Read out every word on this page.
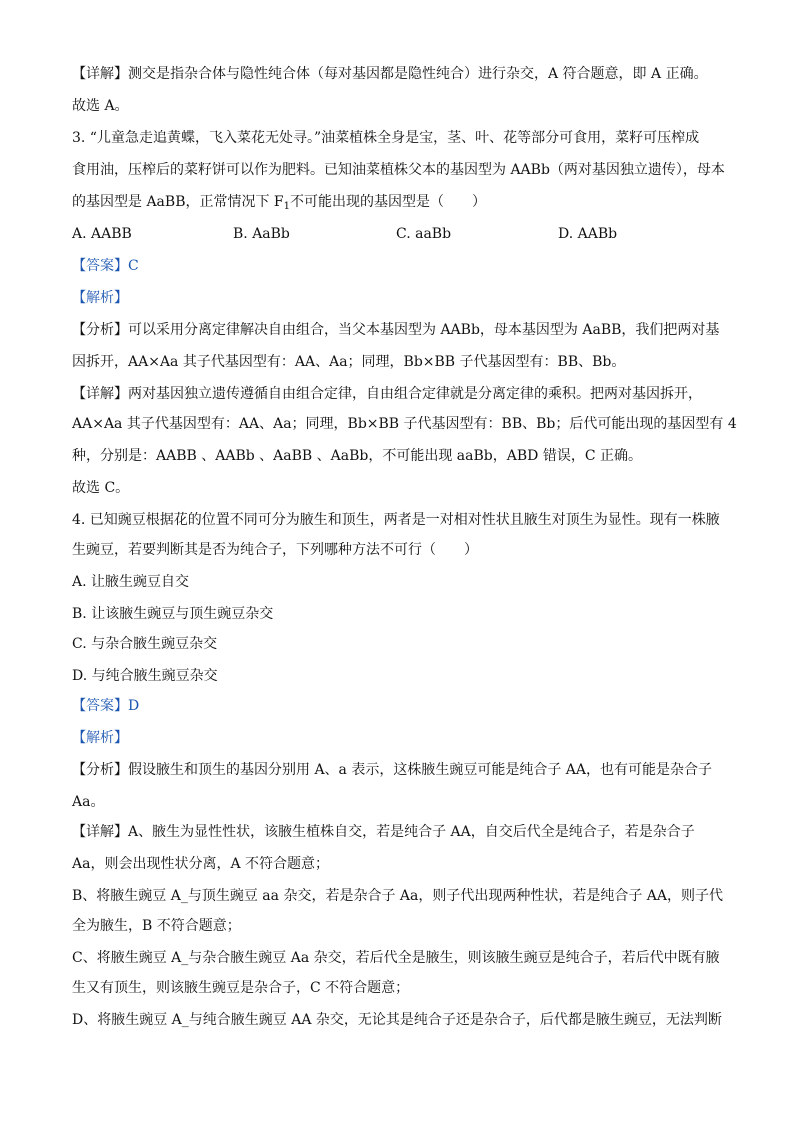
【详解】测交是指杂合体与隐性纯合体（每对基因都是隐性纯合）进行杂交，A 符合题意，即 A 正确。
故选 A。
3. “儿童急走追黄蝶，飞入菜花无处寻。”油菜植株全身是宝，茎、叶、花等部分可食用，菜籽可压榨成
食用油，压榨后的菜籽饼可以作为肥料。已知油菜植株父本的基因型为 AABb（两对基因独立遗传），母本
的基因型是 AaBB，正常情况下 $F_1$不可能出现的基因型是（　　）
A. AABB	B. AaBb	C. aaBb	D. AABb
【答案】C
【解析】
【分析】可以采用分离定律解决自由组合，当父本基因型为 AABb，母本基因型为 AaBB，我们把两对基
因拆开，AA×Aa 其子代基因型有：AA、Aa；同理，Bb×BB 子代基因型有：BB、Bb。
【详解】两对基因独立遗传遵循自由组合定律，自由组合定律就是分离定律的乘积。把两对基因拆开，
AA×Aa 其子代基因型有：AA、Aa；同理，Bb×BB 子代基因型有：BB、Bb；后代可能出现的基因型有 4
种，分别是：AABB 、AABb 、AaBB 、AaBb，不可能出现 aaBb，ABD 错误，C 正确。
故选 C。
4. 已知豌豆根据花的位置不同可分为腋生和顶生，两者是一对相对性状且腋生对顶生为显性。现有一株腋
生豌豆，若要判断其是否为纯合子，下列哪种方法不可行（　　）
A. 让腋生豌豆自交
B. 让该腋生豌豆与顶生豌豆杂交
C. 与杂合腋生豌豆杂交
D. 与纯合腋生豌豆杂交
【答案】D
【解析】
【分析】假设腋生和顶生的基因分别用 A、a 表示，这株腋生豌豆可能是纯合子 AA，也有可能是杂合子
Aa。
【详解】A、腋生为显性性状，该腋生植株自交，若是纯合子 AA，自交后代全是纯合子，若是杂合子
Aa，则会出现性状分离，A 不符合题意；
B、将腋生豌豆 A_与顶生豌豆 aa 杂交，若是杂合子 Aa，则子代出现两种性状，若是纯合子 AA，则子代
全为腋生，B 不符合题意；
C、将腋生豌豆 A_与杂合腋生豌豆 Aa 杂交，若后代全是腋生，则该腋生豌豆是纯合子，若后代中既有腋
生又有顶生，则该腋生豌豆是杂合子，C 不符合题意；
D、将腋生豌豆 A_与纯合腋生豌豆 AA 杂交，无论其是纯合子还是杂合子，后代都是腋生豌豆，无法判断
